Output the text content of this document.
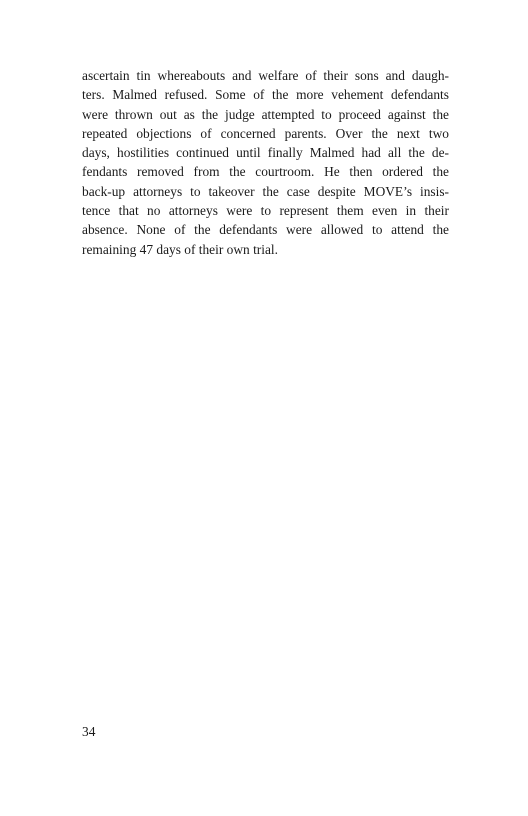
ascertain tin whereabouts and welfare of their sons and daugh-
ters. Malmed refused. Some of the more vehement defendants
were thrown out as the judge attempted to proceed against the
repeated objections of concerned parents. Over the next two
days, hostilities continued until finally Malmed had all the de-
fendants removed from the courtroom. He then ordered the
back-up attorneys to takeover the case despite MOVE’s insis-
tence that no attorneys were to represent them even in their
absence. None of the defendants were allowed to attend the
remaining 47 days of their own trial.
34
